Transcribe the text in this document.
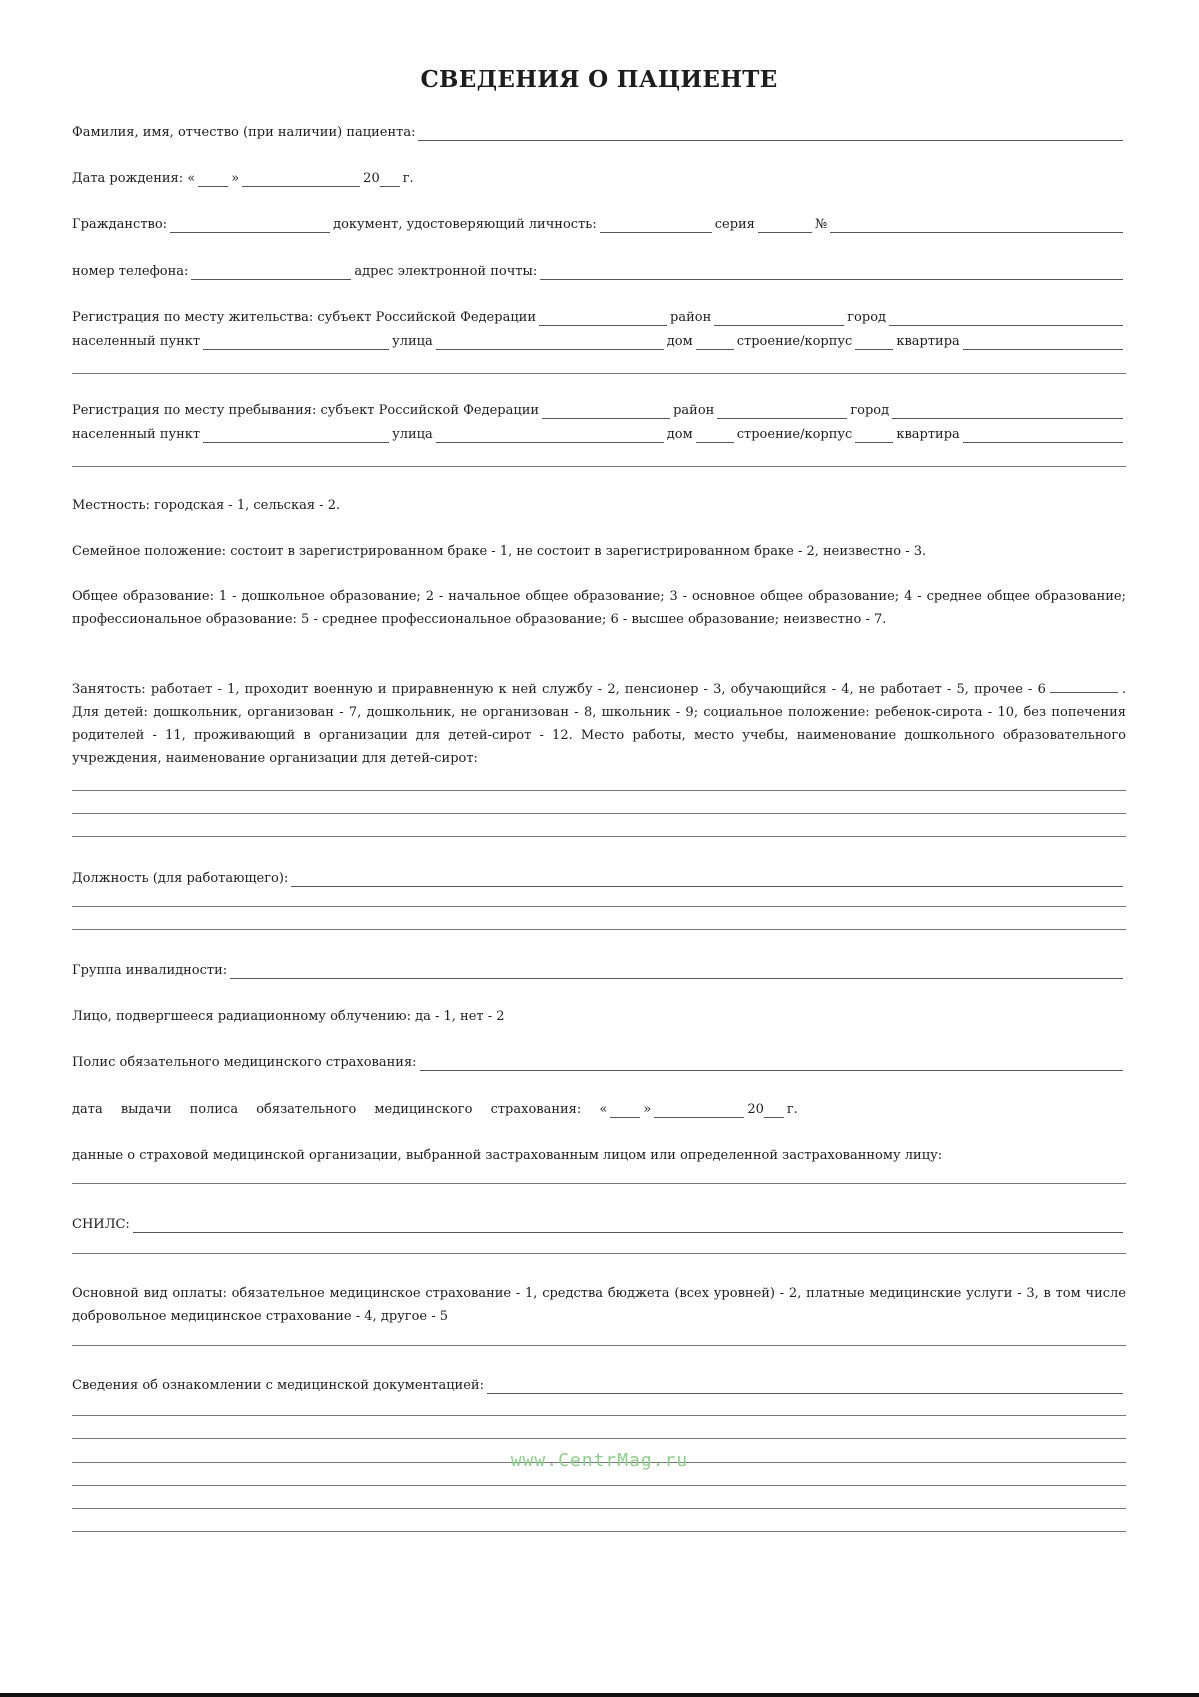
СВЕДЕНИЯ О ПАЦИЕНТЕ
Фамилия, имя, отчество (при наличии) пациента:
Дата рождения: «	»	20 г.
Гражданство:	документ, удостоверяющий личность:	серия	№
номер телефона:	адрес электронной почты:
Регистрация по месту жительства: субъект Российской Федерации	район	город
населенный пункт	улица	дом	строение/корпус	квартира
Регистрация по месту пребывания: субъект Российской Федерации	район	город
населенный пункт	улица	дом	строение/корпус	квартира
Местность: городская - 1, сельская - 2.
Семейное положение: состоит в зарегистрированном браке - 1, не состоит в зарегистрированном браке - 2, неизвестно - 3.
Общее образование: 1 - дошкольное образование; 2 - начальное общее образование; 3 - основное общее образование; 4 - среднее общее образование; профессиональное образование: 5 - среднее профессиональное образование; 6 - высшее образование; неизвестно - 7.
Занятость: работает - 1, проходит военную и приравненную к ней службу - 2, пенсионер - 3, обучающийся - 4, не работает - 5, прочее - 6	. Для детей: дошкольник, организован - 7, дошкольник, не организован - 8, школьник - 9; социальное положение: ребенок-сирота - 10, без попечения родителей - 11, проживающий в организации для детей-сирот - 12. Место работы, место учебы, наименование дошкольного образовательного учреждения, наименование организации для детей-сирот:
Должность (для работающего):
Группа инвалидности:
Лицо, подвергшееся радиационному облучению: да - 1, нет - 2
Полис обязательного медицинского страхования:
дата выдачи полиса обязательного медицинского страхования: «	»	20 г.
данные о страховой медицинской организации, выбранной застрахованным лицом или определенной застрахованному лицу:
СНИЛС:
Основной вид оплаты: обязательное медицинское страхование - 1, средства бюджета (всех уровней) - 2, платные медицинские услуги - 3, в том числе добровольное медицинское страхование - 4, другое - 5
Сведения об ознакомлении с медицинской документацией:
www.CentrMag.ru
